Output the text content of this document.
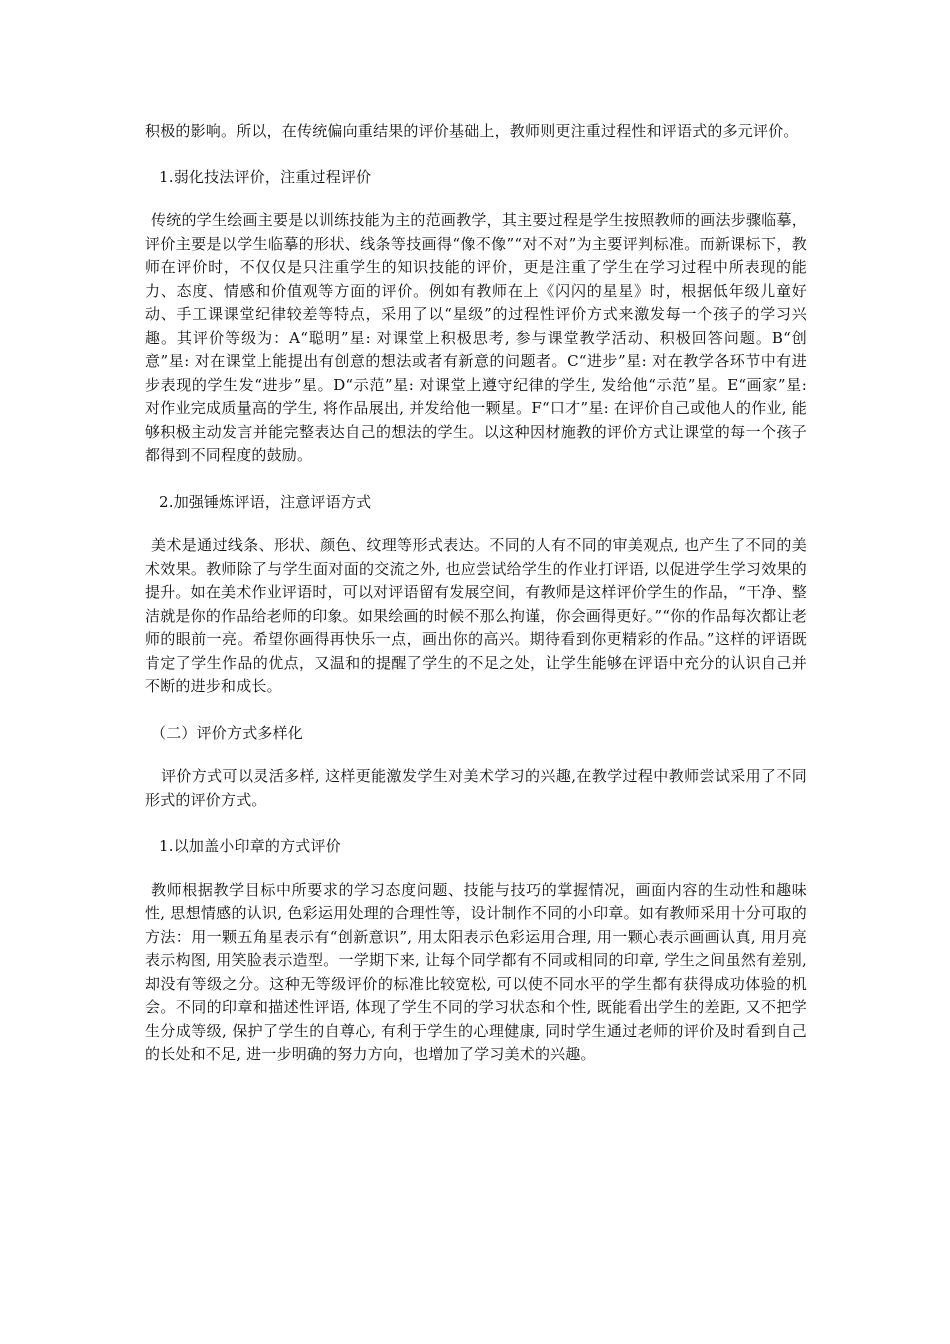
积极的影响。所以，在传统偏向重结果的评价基础上，教师则更注重过程性和评语式的多元评价。

1.弱化技法评价，注重过程评价

传统的学生绘画主要是以训练技能为主的范画教学，其主要过程是学生按照教师的画法步骤临摹，评价主要是以学生临摹的形状、线条等技画得“像不像”“对不对”为主要评判标准。而新课标下，教师在评价时，不仅仅是只注重学生的知识技能的评价，更是注重了学生在学习过程中所表现的能力、态度、情感和价值观等方面的评价。例如有教师在上《闪闪的星星》时，根据低年级儿童好动、手工课课堂纪律较差等特点，采用了以“星级”的过程性评价方式来激发每一个孩子的学习兴趣。其评价等级为：A“聪明”星: 对课堂上积极思考, 参与课堂教学活动、积极回答问题。B“创意”星: 对在课堂上能提出有创意的想法或者有新意的问题者。C“进步”星: 对在教学各环节中有进步表现的学生发“进步”星。D“示范”星: 对课堂上遵守纪律的学生, 发给他“示范”星。E“画家”星: 对作业完成质量高的学生, 将作品展出, 并发给他一颗星。F“口才”星: 在评价自己或他人的作业, 能够积极主动发言并能完整表达自己的想法的学生。以这种因材施教的评价方式让课堂的每一个孩子都得到不同程度的鼓励。

2.加强锤炼评语，注意评语方式

美术是通过线条、形状、颜色、纹理等形式表达。不同的人有不同的审美观点, 也产生了不同的美术效果。教师除了与学生面对面的交流之外, 也应尝试给学生的作业打评语, 以促进学生学习效果的提升。如在美术作业评语时，可以对评语留有发展空间，有教师是这样评价学生的作品，“干净、整洁就是你的作品给老师的印象。如果绘画的时候不那么拘谨，你会画得更好。”“你的作品每次都让老师的眼前一亮。希望你画得再快乐一点，画出你的高兴。期待看到你更精彩的作品。”这样的评语既肯定了学生作品的优点，又温和的提醒了学生的不足之处，让学生能够在评语中充分的认识自己并不断的进步和成长。

（二）评价方式多样化

评价方式可以灵活多样, 这样更能激发学生对美术学习的兴趣,在教学过程中教师尝试采用了不同形式的评价方式。

1.以加盖小印章的方式评价

教师根据教学目标中所要求的学习态度问题、技能与技巧的掌握情况，画面内容的生动性和趣味性, 思想情感的认识, 色彩运用处理的合理性等，设计制作不同的小印章。如有教师采用十分可取的方法：用一颗五角星表示有“创新意识”, 用太阳表示色彩运用合理, 用一颗心表示画画认真, 用月亮表示构图, 用笑脸表示造型。一学期下来, 让每个同学都有不同或相同的印章, 学生之间虽然有差别, 却没有等级之分。这种无等级评价的标准比较宽松, 可以使不同水平的学生都有获得成功体验的机会。不同的印章和描述性评语, 体现了学生不同的学习状态和个性, 既能看出学生的差距, 又不把学生分成等级, 保护了学生的自尊心, 有利于学生的心理健康, 同时学生通过老师的评价及时看到自己的长处和不足, 进一步明确的努力方向，也增加了学习美术的兴趣。
